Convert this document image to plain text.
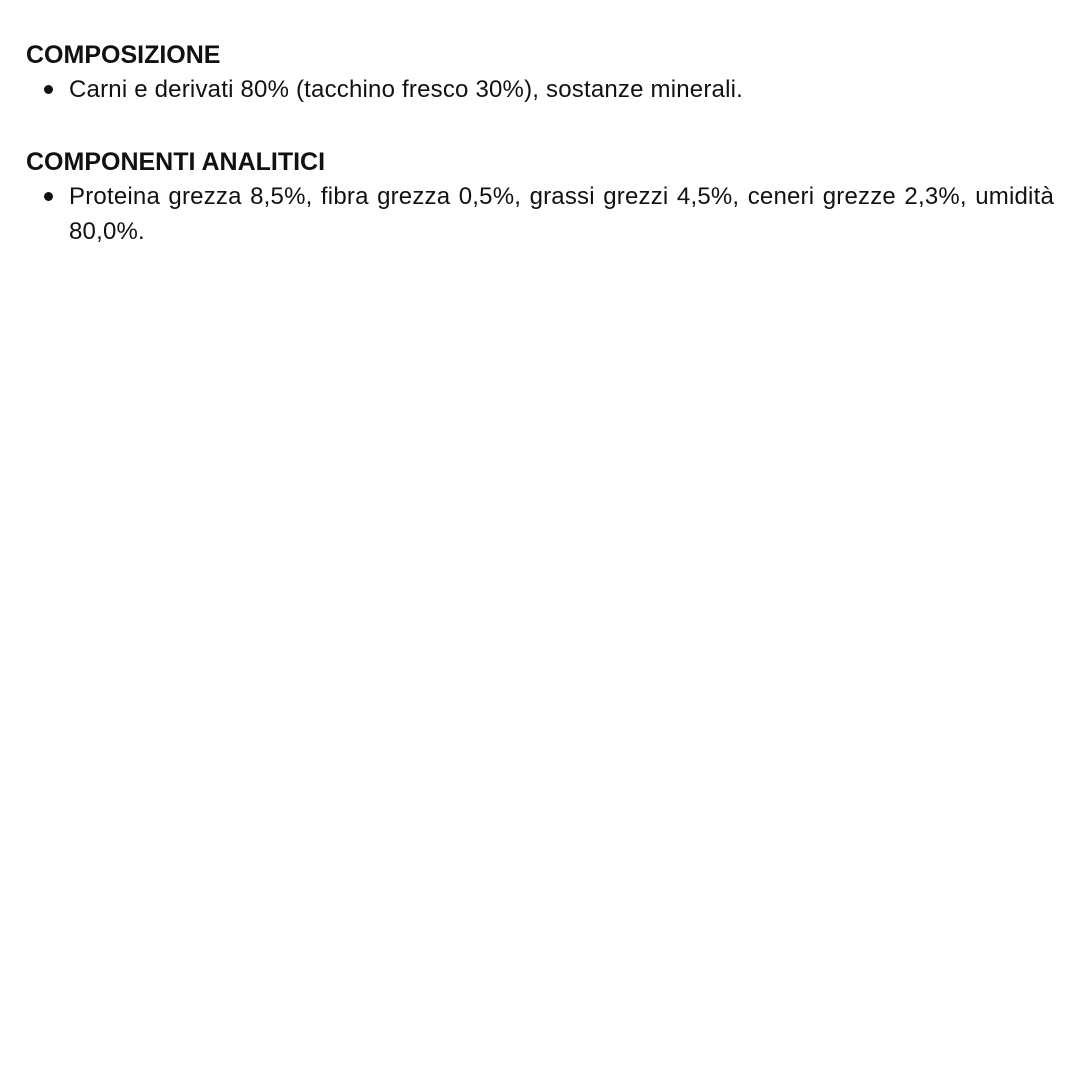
COMPOSIZIONE
Carni e derivati 80% (tacchino fresco 30%), sostanze minerali.
COMPONENTI ANALITICI
Proteina grezza 8,5%, fibra grezza 0,5%, grassi grezzi 4,5%, ceneri grezze 2,3%, umidità 80,0%.
